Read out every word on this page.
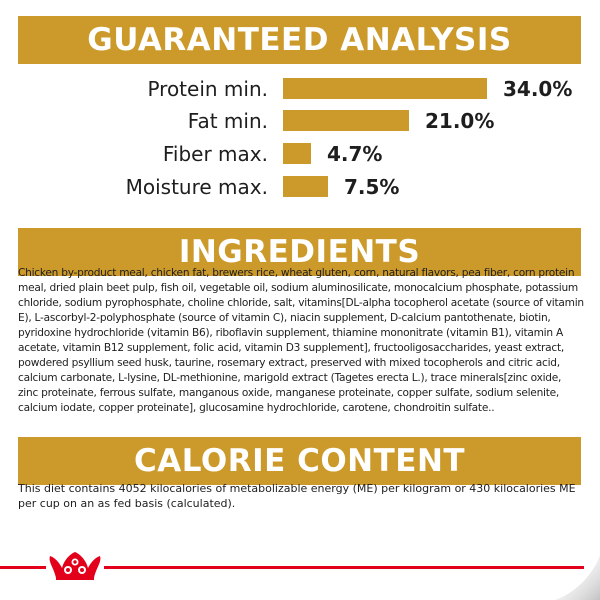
GUARANTEED ANALYSIS
Protein min.	34.0%
Fat min.	21.0%
Fiber max.	4.7%
Moisture max.	7.5%
INGREDIENTS

Chicken by-product meal, chicken fat, brewers rice, wheat gluten, corn, natural flavors, pea fiber, corn protein meal, dried plain beet pulp, fish oil, vegetable oil, sodium aluminosilicate, monocalcium phosphate, potassium chloride, sodium pyrophosphate, choline chloride, salt, vitamins[DL-alpha tocopherol acetate (source of vitamin E), L-ascorbyl-2-polyphosphate (source of vitamin C), niacin supplement, D-calcium pantothenate, biotin, pyridoxine hydrochloride (vitamin B6), riboflavin supplement, thiamine mononitrate (vitamin B1), vitamin A acetate, vitamin B12 supplement, folic acid, vitamin D3 supplement], fructooligosaccharides, yeast extract, powdered psyllium seed husk, taurine, rosemary extract, preserved with mixed tocopherols and citric acid, calcium carbonate, L-lysine, DL-methionine, marigold extract (Tagetes erecta L.), trace minerals[zinc oxide, zinc proteinate, ferrous sulfate, manganous oxide, manganese proteinate, copper sulfate, sodium selenite, calcium iodate, copper proteinate], glucosamine hydrochloride, carotene, chondroitin sulfate..

CALORIE CONTENT

This diet contains 4052 kilocalories of metabolizable energy (ME) per kilogram or 430 kilocalories ME per cup on an as fed basis (calculated).
